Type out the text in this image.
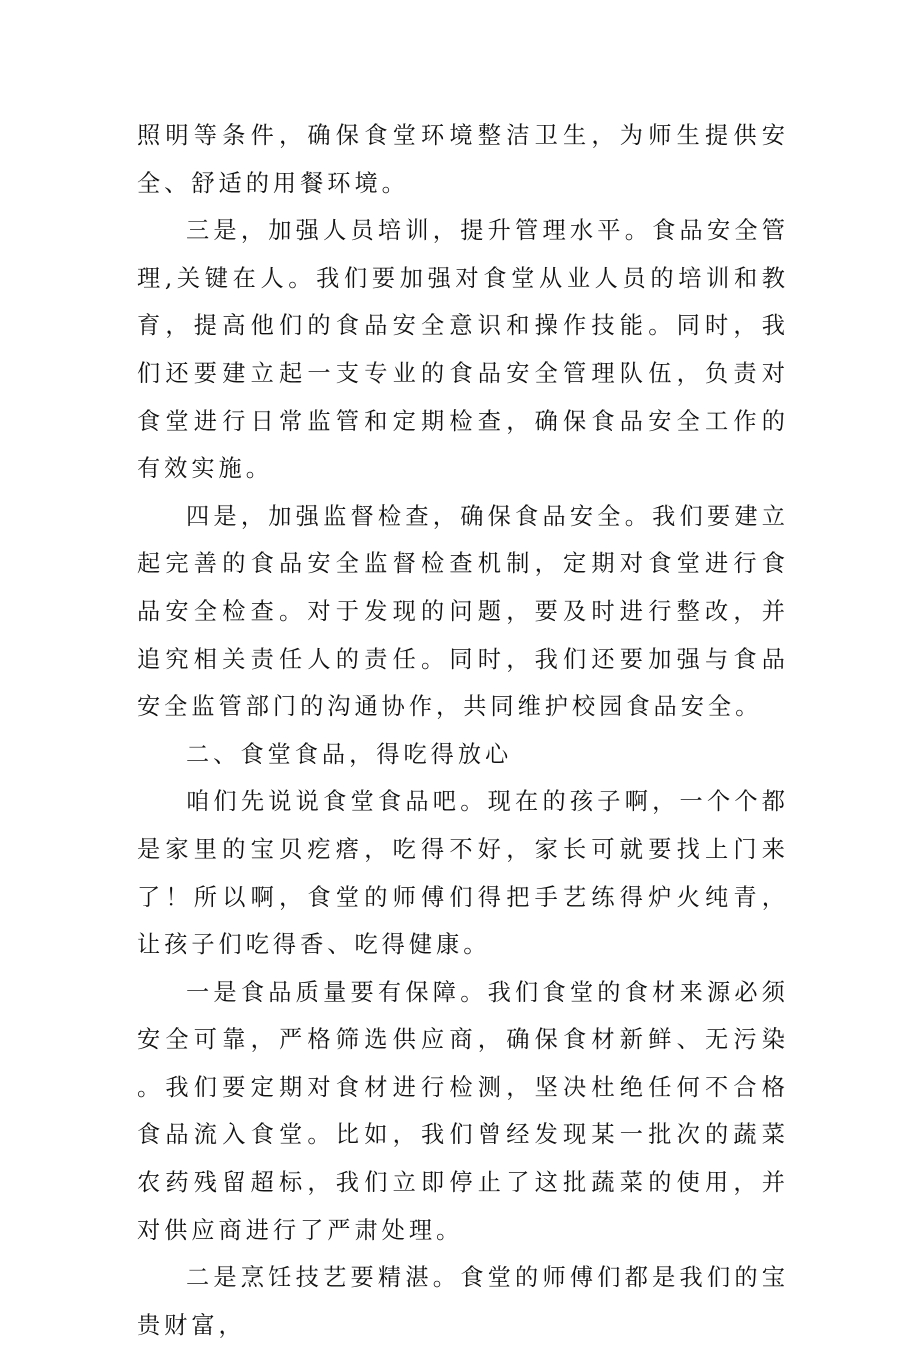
照明等条件，确保食堂环境整洁卫生，为师生提供安全、舒适的用餐环境。

三是，加强人员培训，提升管理水平。食品安全管理,关键在人。我们要加强对食堂从业人员的培训和教育，提高他们的食品安全意识和操作技能。同时，我们还要建立起一支专业的食品安全管理队伍，负责对食堂进行日常监管和定期检查，确保食品安全工作的有效实施。

四是，加强监督检查，确保食品安全。我们要建立起完善的食品安全监督检查机制，定期对食堂进行食品安全检查。对于发现的问题，要及时进行整改，并追究相关责任人的责任。同时，我们还要加强与食品安全监管部门的沟通协作，共同维护校园食品安全。

二、食堂食品，得吃得放心

咱们先说说食堂食品吧。现在的孩子啊，一个个都是家里的宝贝疙瘩，吃得不好，家长可就要找上门来了！所以啊，食堂的师傅们得把手艺练得炉火纯青，让孩子们吃得香、吃得健康。

一是食品质量要有保障。我们食堂的食材来源必须安全可靠，严格筛选供应商，确保食材新鲜、无污染。我们要定期对食材进行检测，坚决杜绝任何不合格食品流入食堂。比如，我们曾经发现某一批次的蔬菜农药残留超标，我们立即停止了这批蔬菜的使用，并对供应商进行了严肃处理。

二是烹饪技艺要精湛。食堂的师傅们都是我们的宝贵财富，
